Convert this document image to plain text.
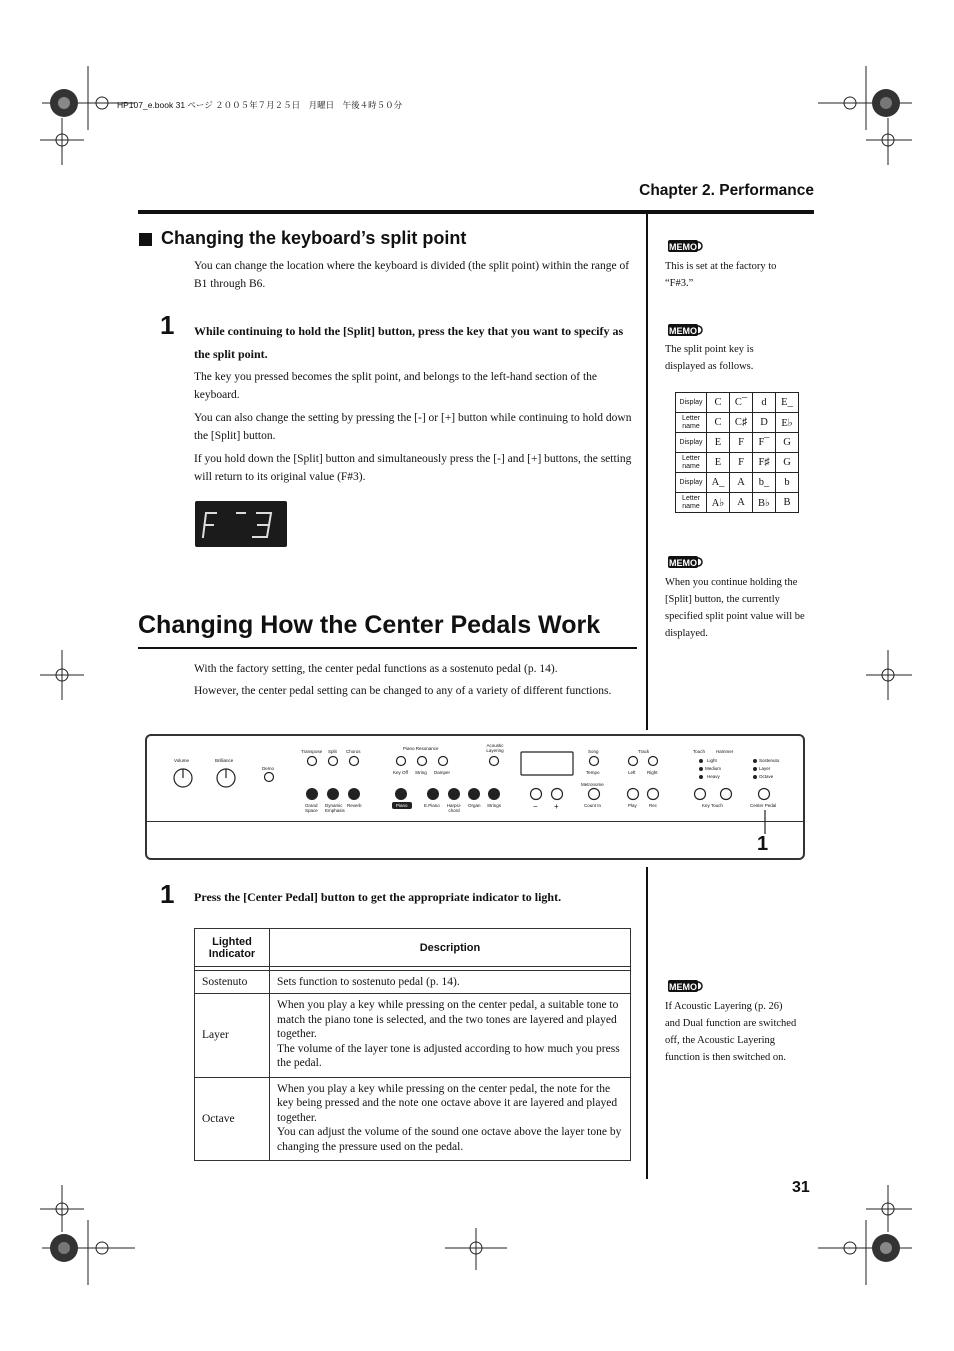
HP107_e.book 31 ページ ２００５年７月２５日　月曜日　午後４時５０分
Chapter 2. Performance
Changing the keyboard’s split point
You can change the location where the keyboard is divided (the split point) within the range of B1 through B6.
1 While continuing to hold the [Split] button, press the key that you want to specify as the split point.
The key you pressed becomes the split point, and belongs to the left-hand section of the keyboard.
You can also change the setting by pressing the [-] or [+] button while continuing to hold down the [Split] button.
If you hold down the [Split] button and simultaneously press the [-] and [+] buttons, the setting will return to its original value (F#3).
Changing How the Center Pedals Work
With the factory setting, the center pedal functions as a sostenuto pedal (p. 14).
However, the center pedal setting can be changed to any of a variety of different functions.
Volume	Brilliance
Demo
Transpose Split Chorus
Piano Resonance
Key Off String Damper
Acoustic Layering
Grand Space
Dynamic Emphasis
Reverb	Piano	E.Piano Harpsi-chord
Organ Strings	− +
Song
Tempo
Metronome
Count In
Track
Left	Right
Play	Rec
Touch Hammer
Light
Medium
Heavy
Key Touch
Sostenuto
Layer
Octave
Center Pedal
1
1 Press the [Center Pedal] button to get the appropriate indicator to light.
Lighted Indicator	Description

Sostenuto	Sets function to sostenuto pedal (p. 14).
Layer	When you play a key while pressing on the center pedal, a suitable tone to match the piano tone is selected, and the two tones are layered and played together.
The volume of the layer tone is adjusted according to how much you press the pedal.

Octave	When you play a key while pressing on the center pedal, the note for the key being pressed and the note one octave above it are layered and played together.
You can adjust the volume of the sound one octave above the layer tone by changing the pressure used on the pedal.
MEMO
This is set at the factory to “F#3.”
MEMO
The split point key is displayed as follows.
Display	C	C¯	d	E_
Letter name	C	C♯	D	E♭
Display	E	F	F¯	G
Letter name	E	F	F♯	G
Display	A_	A	b_	b
Letter name	A♭	A	B♭	B
MEMO
When you continue holding the [Split] button, the currently specified split point value will be displayed.
MEMO
If Acoustic Layering (p. 26) and Dual function are switched off, the Acoustic Layering function is then switched on.
31
